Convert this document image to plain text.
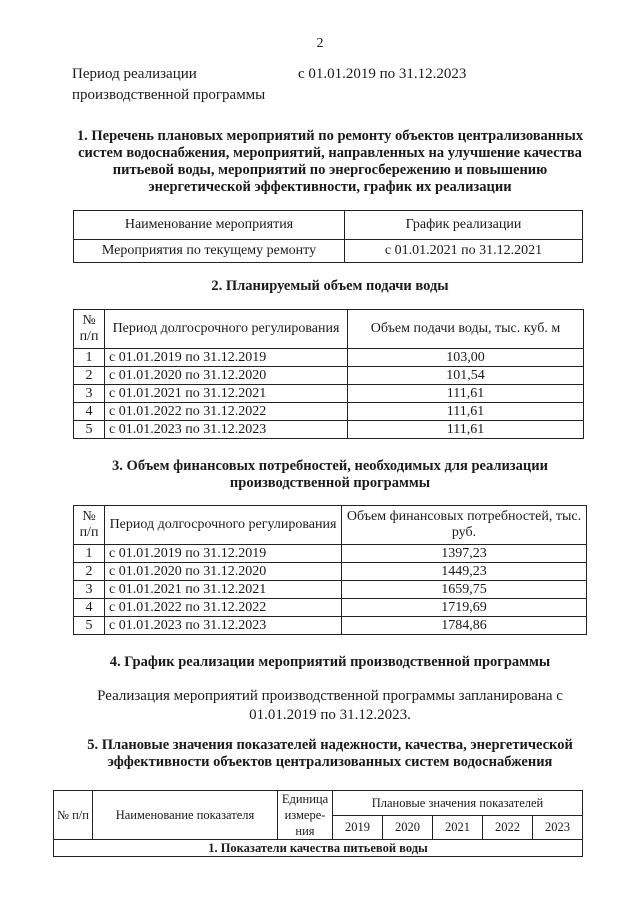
2
Период реализации
производственной программы
с 01.01.2019 по 31.12.2023
1. Перечень плановых мероприятий по ремонту объектов централизованных систем водоснабжения, мероприятий, направленных на улучшение качества питьевой воды, мероприятий по энергосбережению и повышению энергетической эффективности, график их реализации
Наименование мероприятия	График реализации
Мероприятия по текущему ремонту	с 01.01.2021 по 31.12.2021
2. Планируемый объем подачи воды
№ п/п	Период долгосрочного регулирования	Объем подачи воды, тыс. куб. м
1	с 01.01.2019 по 31.12.2019	103,00
2	с 01.01.2020 по 31.12.2020	101,54
3	с 01.01.2021 по 31.12.2021	111,61
4	с 01.01.2022 по 31.12.2022	111,61
5	с 01.01.2023 по 31.12.2023	111,61
3. Объем финансовых потребностей, необходимых для реализации производственной программы
№ п/п	Период долгосрочного регулирования	Объем финансовых потребностей, тыс. руб.
1	с 01.01.2019 по 31.12.2019	1397,23
2	с 01.01.2020 по 31.12.2020	1449,23
3	с 01.01.2021 по 31.12.2021	1659,75
4	с 01.01.2022 по 31.12.2022	1719,69
5	с 01.01.2023 по 31.12.2023	1784,86
4. График реализации мероприятий производственной программы
Реализация мероприятий производственной программы запланирована с 01.01.2019 по 31.12.2023.
5. Плановые значения показателей надежности, качества, энергетической эффективности объектов централизованных систем водоснабжения
№ п/п	Наименование показателя	Единица измере-ния	Плановые значения показателей				
			2019	2020	2021	2022	2023
1. Показатели качества питьевой воды							
